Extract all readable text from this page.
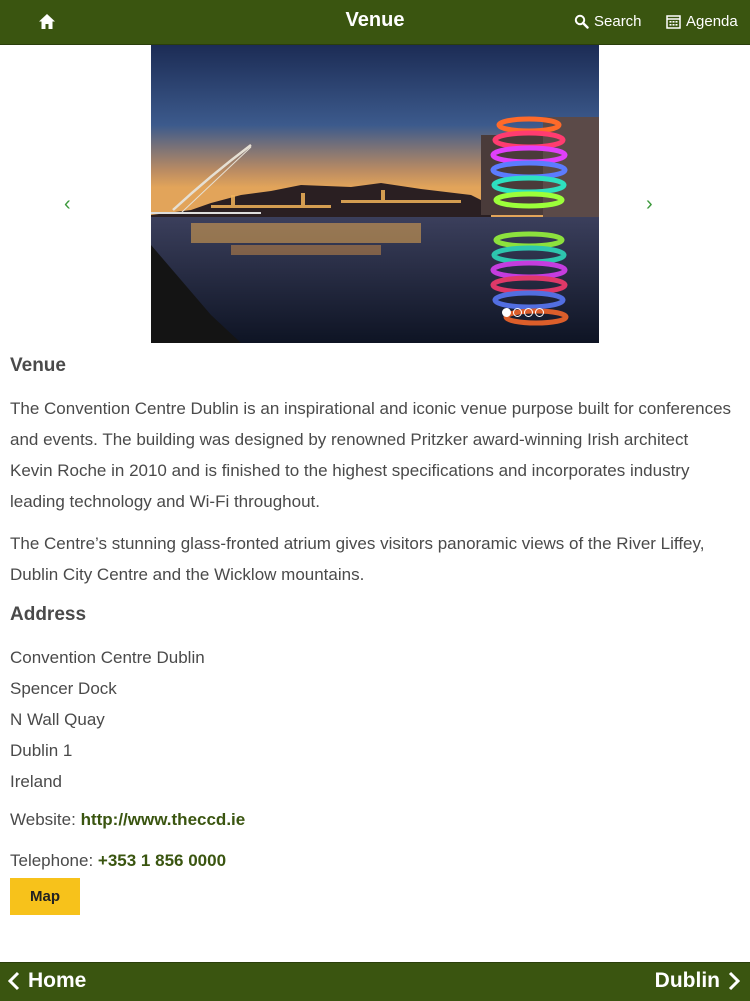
Venue	Search	Agenda
‹	›
Venue

The Convention Centre Dublin is an inspirational and iconic venue purpose built for conferences and events. The building was designed by renowned Pritzker award-winning Irish architect Kevin Roche in 2010 and is finished to the highest specifications and incorporates industry leading technology and Wi-Fi throughout.

The Centre’s stunning glass-fronted atrium gives visitors panoramic views of the River Liffey, Dublin City Centre and the Wicklow mountains.

Address
Convention Centre Dublin
Spencer Dock
N Wall Quay
Dublin 1
Ireland
Website: http://www.theccd.ie
Telephone: +353 1 856 0000
Map
Home	Dublin
